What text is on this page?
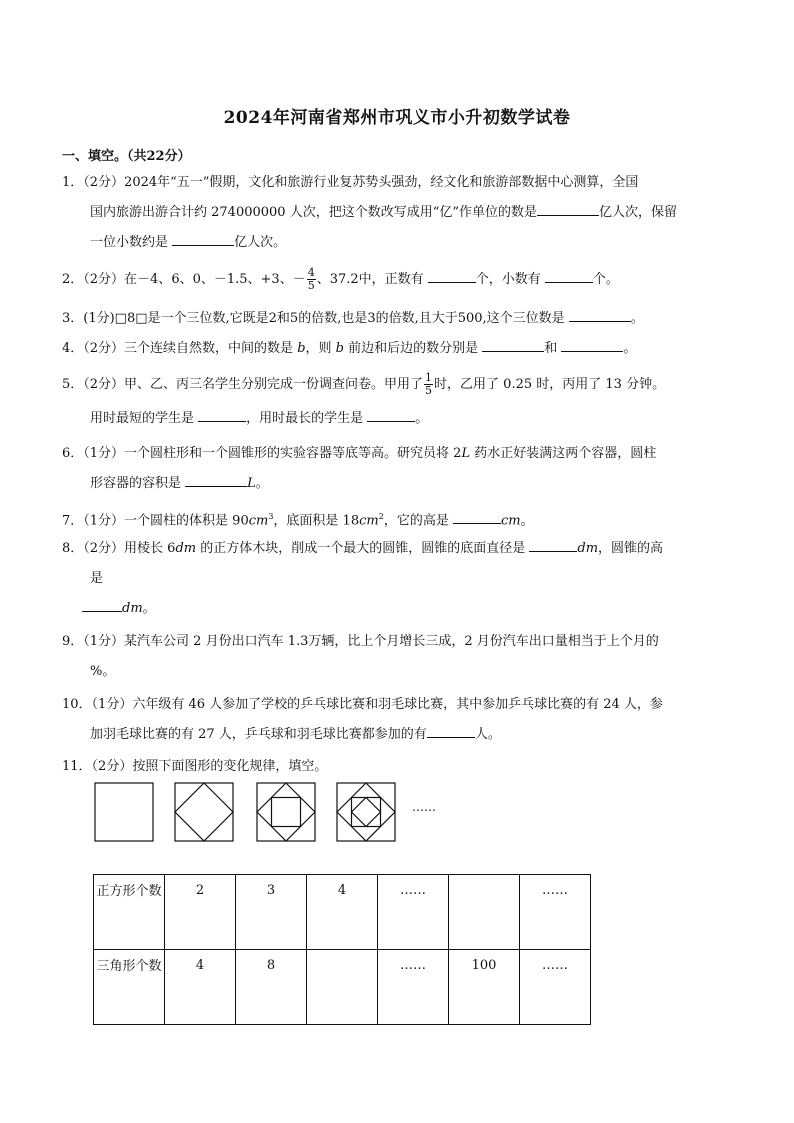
2024年河南省郑州市巩义市小升初数学试卷
一、填空。（共22分）
1．（2分）2024年“五一”假期，文化和旅游行业复苏势头强劲，经文化和旅游部数据中心测算，全国
国内旅游出游合计约 274000000 人次，把这个数改写成用“亿”作单位的数是	亿人次，保留
一位小数约是	亿人次。
2．（2分）在－4、6、0、－1.5、+3、－ $\frac{4}{5}$ 、37.2中，正数有	个，小数有	个。
3．(1分)□8□是一个三位数,它既是2和5的倍数,也是3的倍数,且大于500,这个三位数是	。
4．（2分）三个连续自然数，中间的数是 b，则 b 前边和后边的数分别是	和	。
5．（2分）甲、乙、丙三名学生分别完成一份调查问卷。甲用了 $\frac{1}{5}$ 时，乙用了 0.25 时，丙用了 13 分钟。
用时最短的学生是	，用时最长的学生是	。
6．（1分）一个圆柱形和一个圆锥形的实验容器等底等高。研究员将 2L 药水正好装满这两个容器，圆柱
形容器的容积是	L。
7．（1分）一个圆柱的体积是 $90cm^3$，底面积是 $18cm^2$，它的高是	cm。
8．（2分）用棱长 6dm 的正方体木块，削成一个最大的圆锥，圆锥的底面直径是	dm，圆锥的高
是
dm。
9．（1分）某汽车公司 2 月份出口汽车 1.3万辆，比上个月增长三成，2 月份汽车出口量相当于上个月的
%。
10．（1分）六年级有 46 人参加了学校的乒乓球比赛和羽毛球比赛，其中参加乒乓球比赛的有 24 人，参
加羽毛球比赛的有 27 人，乒乓球和羽毛球比赛都参加的有	人。
11．（2分）按照下面图形的变化规律，填空。
……
正方形个数	2	3	4	……		……
三角形个数	4	8		……	100	……
